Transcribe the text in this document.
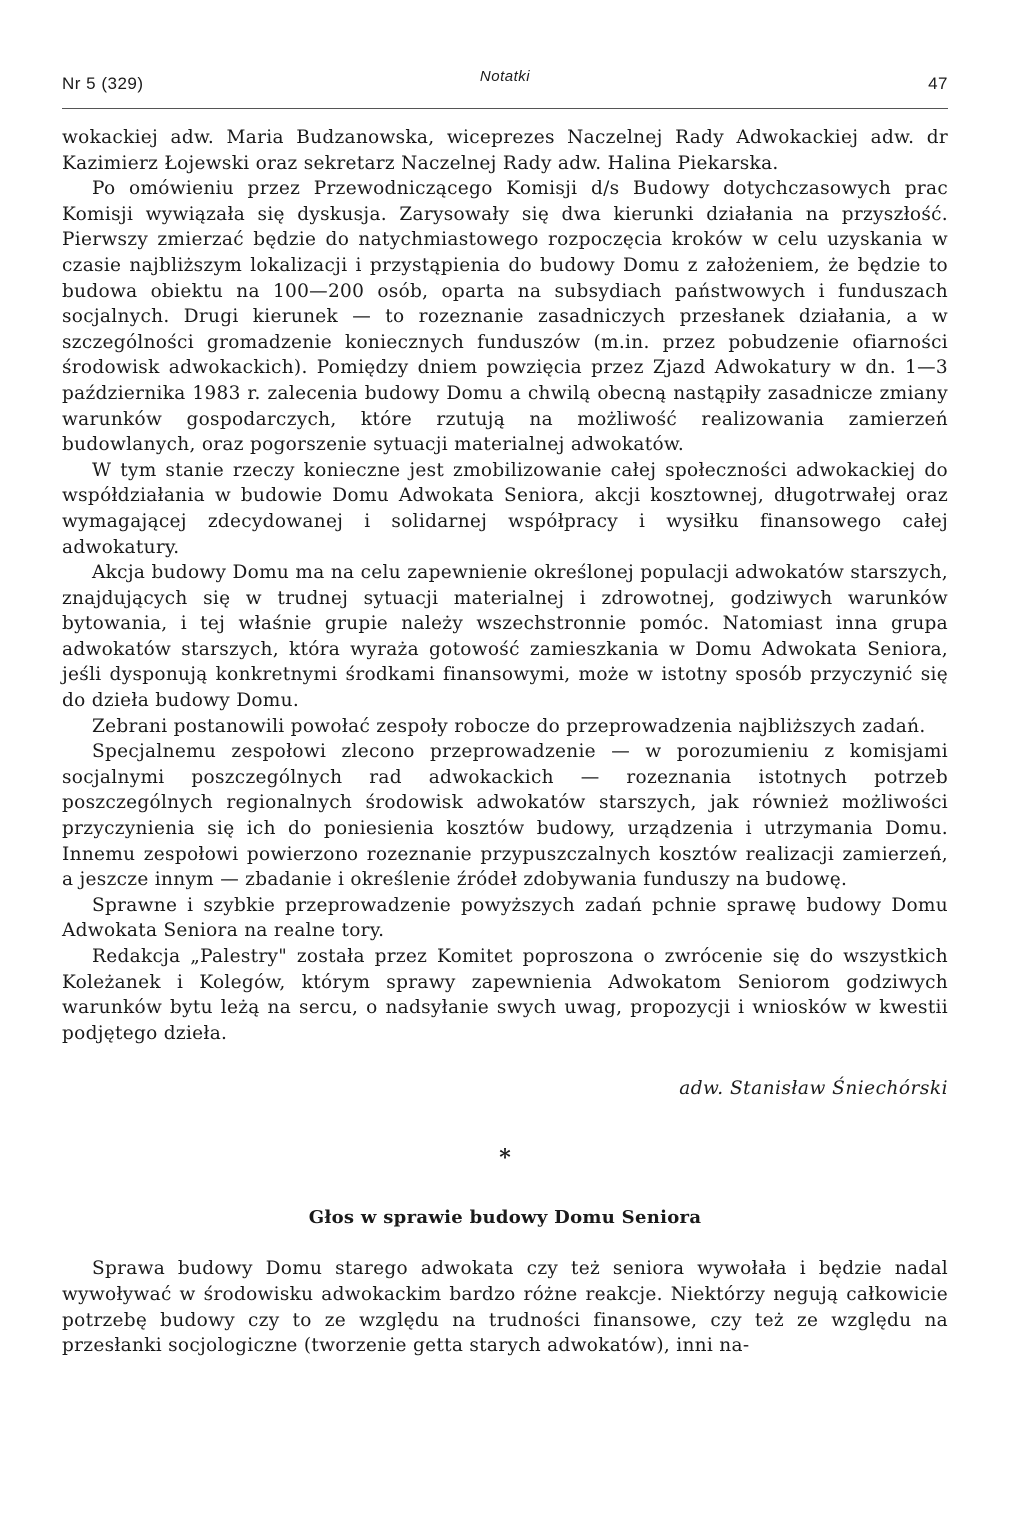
Nr 5 (329)	Notatki	47

wokackiej adw. Maria Budzanowska, wiceprezes Naczelnej Rady Adwokackiej adw. dr Kazimierz Łojewski oraz sekretarz Naczelnej Rady adw. Halina Piekarska.

Po omówieniu przez Przewodniczącego Komisji d/s Budowy dotychczasowych prac Komisji wywiązała się dyskusja. Zarysowały się dwa kierunki działania na przyszłość. Pierwszy zmierzać będzie do natychmiastowego rozpoczęcia kroków w celu uzyskania w czasie najbliższym lokalizacji i przystąpienia do budowy Domu z założeniem, że będzie to budowa obiektu na 100—200 osób, oparta na subsydiach państwowych i funduszach socjalnych. Drugi kierunek — to rozeznanie zasadniczych przesłanek działania, a w szczególności gromadzenie koniecznych funduszów (m.in. przez pobudzenie ofiarności środowisk adwokackich). Pomiędzy dniem powzięcia przez Zjazd Adwokatury w dn. 1—3 października 1983 r. zalecenia budowy Domu a chwilą obecną nastąpiły zasadnicze zmiany warunków gospodarczych, które rzutują na możliwość realizowania zamierzeń budowlanych, oraz pogorszenie sytuacji materialnej adwokatów.

W tym stanie rzeczy konieczne jest zmobilizowanie całej społeczności adwokackiej do współdziałania w budowie Domu Adwokata Seniora, akcji kosztownej, długotrwałej oraz wymagającej zdecydowanej i solidarnej współpracy i wysiłku finansowego całej adwokatury.

Akcja budowy Domu ma na celu zapewnienie określonej populacji adwokatów starszych, znajdujących się w trudnej sytuacji materialnej i zdrowotnej, godziwych warunków bytowania, i tej właśnie grupie należy wszechstronnie pomóc. Natomiast inna grupa adwokatów starszych, która wyraża gotowość zamieszkania w Domu Adwokata Seniora, jeśli dysponują konkretnymi środkami finansowymi, może w istotny sposób przyczynić się do dzieła budowy Domu.

Zebrani postanowili powołać zespoły robocze do przeprowadzenia najbliższych zadań.

Specjalnemu zespołowi zlecono przeprowadzenie — w porozumieniu z komisjami socjalnymi poszczególnych rad adwokackich — rozeznania istotnych potrzeb poszczególnych regionalnych środowisk adwokatów starszych, jak również możliwości przyczynienia się ich do poniesienia kosztów budowy, urządzenia i utrzymania Domu. Innemu zespołowi powierzono rozeznanie przypuszczalnych kosztów realizacji zamierzeń, a jeszcze innym — zbadanie i określenie źródeł zdobywania funduszy na budowę.

Sprawne i szybkie przeprowadzenie powyższych zadań pchnie sprawę budowy Domu Adwokata Seniora na realne tory.

Redakcja „Palestry" została przez Komitet poproszona o zwrócenie się do wszystkich Koleżanek i Kolegów, którym sprawy zapewnienia Adwokatom Seniorom godziwych warunków bytu leżą na sercu, o nadsyłanie swych uwag, propozycji i wniosków w kwestii podjętego dzieła.

adw. Stanisław Śniechórski
*
Głos w sprawie budowy Domu Seniora

Sprawa budowy Domu starego adwokata czy też seniora wywołała i będzie nadal wywoływać w środowisku adwokackim bardzo różne reakcje. Niektórzy negują całkowicie potrzebę budowy czy to ze względu na trudności finansowe, czy też ze względu na przesłanki socjologiczne (tworzenie getta starych adwokatów), inni na-
